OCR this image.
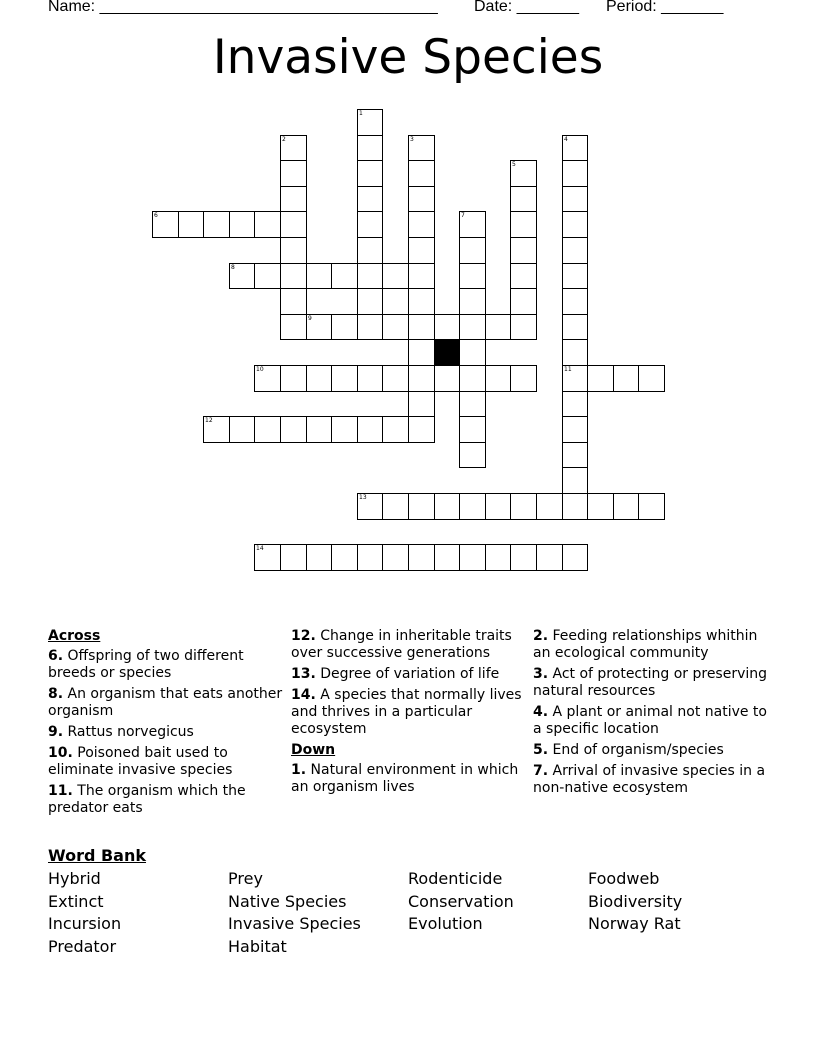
Name: ______________________________________ Date: _______ Period: _______
Invasive Species
1
2	3	4
11
5
6	7
8
9
10
12
13
14
Across
6. Offspring of two different breeds or species
8. An organism that eats another organism
9. Rattus norvegicus
10. Poisoned bait used to eliminate invasive species
11. The organism which the predator eats
12. Change in inheritable traits over successive generations
13. Degree of variation of life
14. A species that normally lives and thrives in a particular ecosystem
Down
1. Natural environment in which an organism lives
2. Feeding relationships whithin an ecological community
3. Act of protecting or preserving natural resources
4. A plant or animal not native to a specific location
5. End of organism/species
7. Arrival of invasive species in a non-native ecosystem
Word Bank
Hybrid
Extinct
Incursion
Predator
Prey
Native Species
Invasive Species
Habitat
Rodenticide
Conservation
Evolution
Foodweb
Biodiversity
Norway Rat
